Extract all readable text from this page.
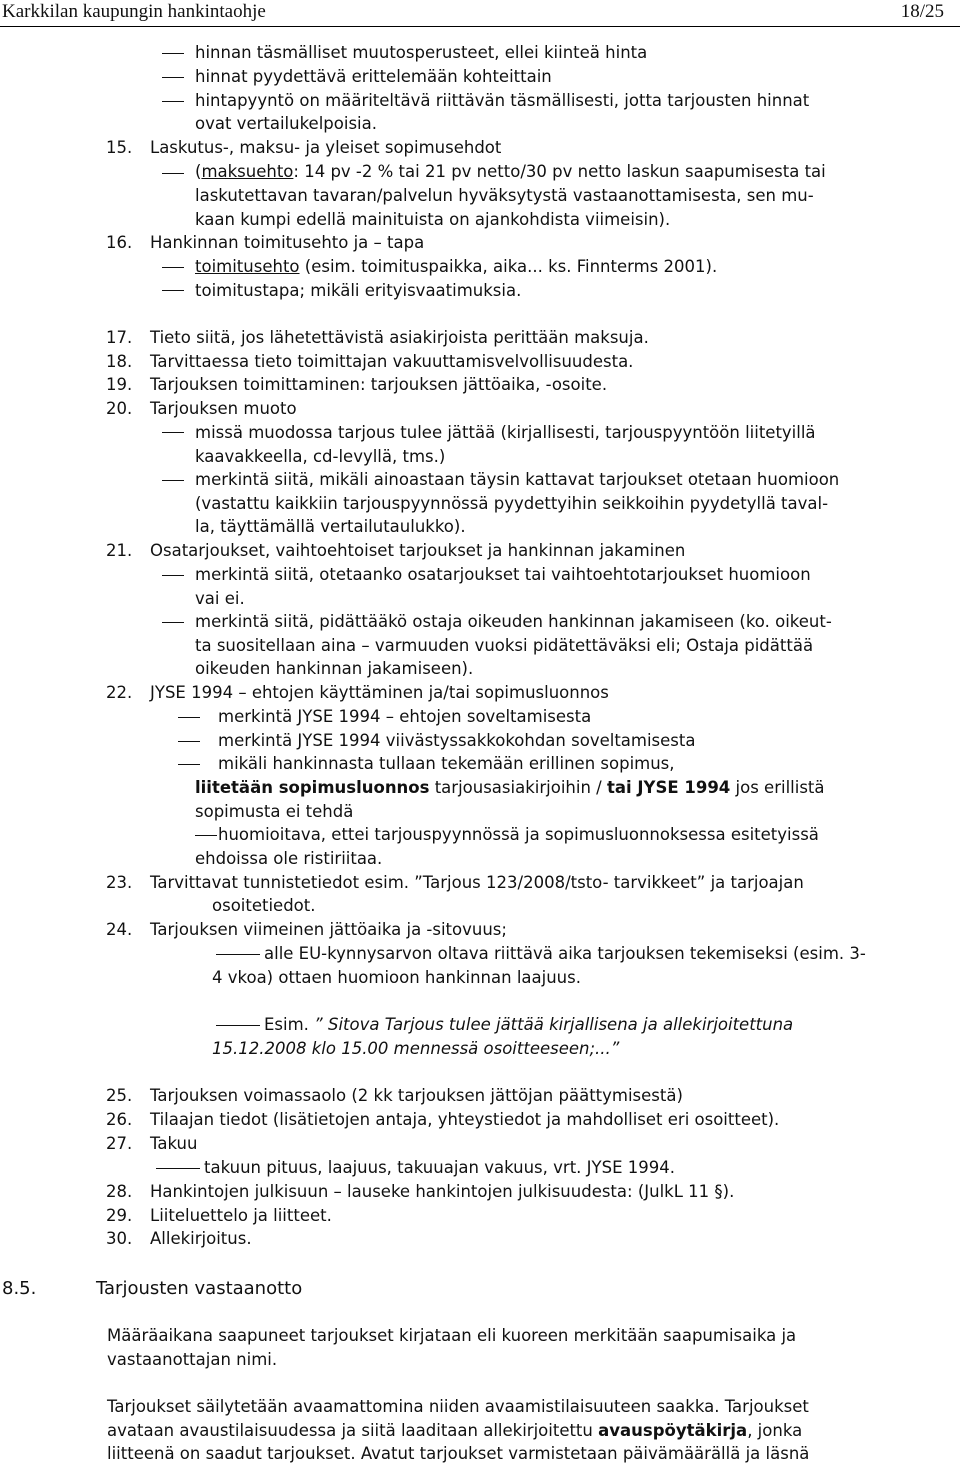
Karkkilan kaupungin hankintaohje	18/25
hinnan täsmälliset muutosperusteet, ellei kiinteä hinta
hinnat pyydettävä erittelemään kohteittain
hintapyyntö on määriteltävä riittävän täsmällisesti, jotta tarjousten hinnat
ovat vertailukelpoisia.
15.	Laskutus-, maksu- ja yleiset sopimusehdot
(maksuehto: 14 pv -2 % tai 21 pv netto/30 pv netto laskun saapumisesta tai
laskutettavan tavaran/palvelun hyväksytystä vastaanottamisesta, sen mu-
kaan kumpi edellä mainituista on ajankohdista viimeisin).
16.	Hankinnan toimitusehto ja – tapa
toimitusehto (esim. toimituspaikka, aika... ks. Finnterms 2001).
toimitustapa; mikäli erityisvaatimuksia.
17.	Tieto siitä, jos lähetettävistä asiakirjoista perittään maksuja.
18.	Tarvittaessa tieto toimittajan vakuuttamisvelvollisuudesta.
19.	Tarjouksen toimittaminen: tarjouksen jättöaika, -osoite.
20.	Tarjouksen muoto
missä muodossa tarjous tulee jättää (kirjallisesti, tarjouspyyntöön liitetyillä
kaavakkeella, cd-levyllä, tms.)
merkintä siitä, mikäli ainoastaan täysin kattavat tarjoukset otetaan huomioon
(vastattu kaikkiin tarjouspyynnössä pyydettyihin seikkoihin pyydetyllä taval-
la, täyttämällä vertailutaulukko).
21.	Osatarjoukset, vaihtoehtoiset tarjoukset ja hankinnan jakaminen
merkintä siitä, otetaanko osatarjoukset tai vaihtoehtotarjoukset huomioon
vai ei.
merkintä siitä, pidättääkö ostaja oikeuden hankinnan jakamiseen (ko. oikeut-
ta suositellaan aina – varmuuden vuoksi pidätettäväksi eli; Ostaja pidättää
oikeuden hankinnan jakamiseen).
22.	JYSE 1994 – ehtojen käyttäminen ja/tai sopimusluonnos
merkintä JYSE 1994 – ehtojen soveltamisesta
merkintä JYSE 1994 viivästyssakkokohdan soveltamisesta
mikäli hankinnasta tullaan tekemään erillinen sopimus,
liitetään sopimusluonnos tarjousasiakirjoihin / tai JYSE 1994 jos erillistä
sopimusta ei tehdä
huomioitava, ettei tarjouspyynnössä ja sopimusluonnoksessa esitetyissä
ehdoissa ole ristiriitaa.
23.	Tarvittavat tunnistetiedot esim. ”Tarjous 123/2008/tsto- tarvikkeet” ja tarjoajan
osoitetiedot.
24.	Tarjouksen viimeinen jättöaika ja -sitovuus;
alle EU-kynnysarvon oltava riittävä aika tarjouksen tekemiseksi (esim. 3-
4 vkoa) ottaen huomioon hankinnan laajuus.
Esim. ” Sitova Tarjous tulee jättää kirjallisena ja allekirjoitettuna
15.12.2008 klo 15.00 mennessä osoitteeseen;...”
25.	Tarjouksen voimassaolo (2 kk tarjouksen jättöjan päättymisestä)
26.	Tilaajan tiedot (lisätietojen antaja, yhteystiedot ja mahdolliset eri osoitteet).
27.	Takuu
takuun pituus, laajuus, takuuajan vakuus, vrt. JYSE 1994.
28.	Hankintojen julkisuun – lauseke hankintojen julkisuudesta: (JulkL 11 §).
29.	Liiteluettelo ja liitteet.
30.	Allekirjoitus.
8.5.	Tarjousten vastaanotto
Määräaikana saapuneet tarjoukset kirjataan eli kuoreen merkitään saapumisaika ja
vastaanottajan nimi.
Tarjoukset säilytetään avaamattomina niiden avaamistilaisuuteen saakka. Tarjoukset
avataan avaustilaisuudessa ja siitä laaditaan allekirjoitettu avauspöytäkirja, jonka
liitteenä on saadut tarjoukset. Avatut tarjoukset varmistetaan päivämäärällä ja läsnä
